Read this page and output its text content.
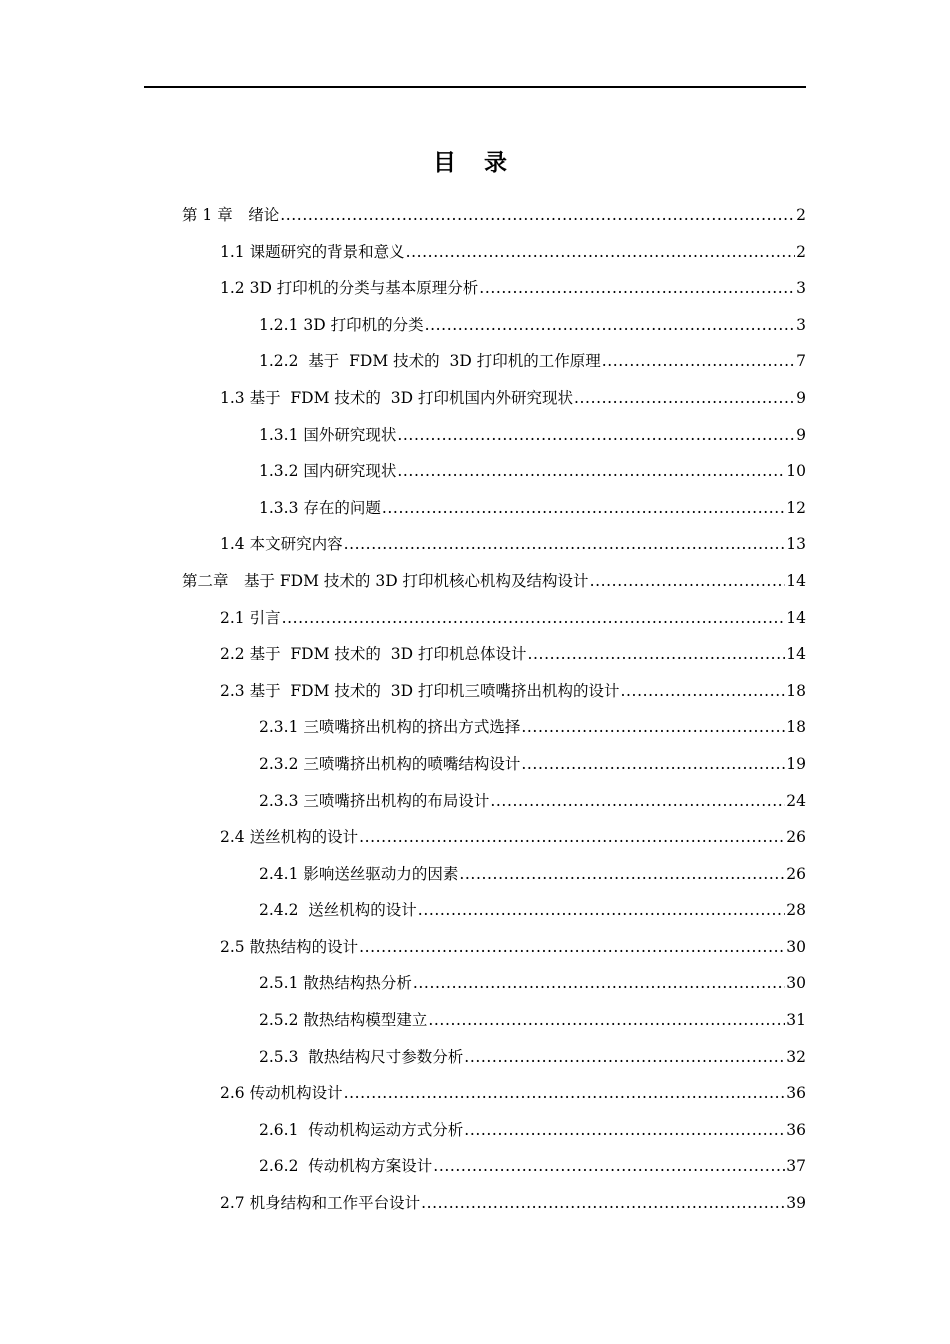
目 录
第 1 章　绪论 .....	2
1.1 课题研究的背景和意义 .....	2
1.2 3D 打印机的分类与基本原理分析 .....	3
1.2.1 3D 打印机的分类 .....	3
1.2.2  基于  FDM 技术的  3D 打印机的工作原理 .....	7
1.3 基于  FDM 技术的  3D 打印机国内外研究现状 .....	9
1.3.1 国外研究现状 .....	9
1.3.2 国内研究现状 .....	10
1.3.3 存在的问题 .....	12
1.4 本文研究内容 .....	13
第二章　基于 FDM 技术的 3D 打印机核心机构及结构设计 .....	14
2.1 引言 .....	14
2.2 基于  FDM 技术的  3D 打印机总体设计 .....	14
2.3 基于  FDM 技术的  3D 打印机三喷嘴挤出机构的设计 .....	18
2.3.1 三喷嘴挤出机构的挤出方式选择 .....	18
2.3.2 三喷嘴挤出机构的喷嘴结构设计 .....	19
2.3.3 三喷嘴挤出机构的布局设计 .....	24
2.4 送丝机构的设计 .....	26
2.4.1 影响送丝驱动力的因素 .....	26
2.4.2  送丝机构的设计 .....	28
2.5 散热结构的设计 .....	30
2.5.1 散热结构热分析 .....	30
2.5.2 散热结构模型建立 .....	31
2.5.3  散热结构尺寸参数分析 .....	32
2.6 传动机构设计 .....	36
2.6.1  传动机构运动方式分析 .....	36
2.6.2  传动机构方案设计 .....	37
2.7 机身结构和工作平台设计 .....	39
